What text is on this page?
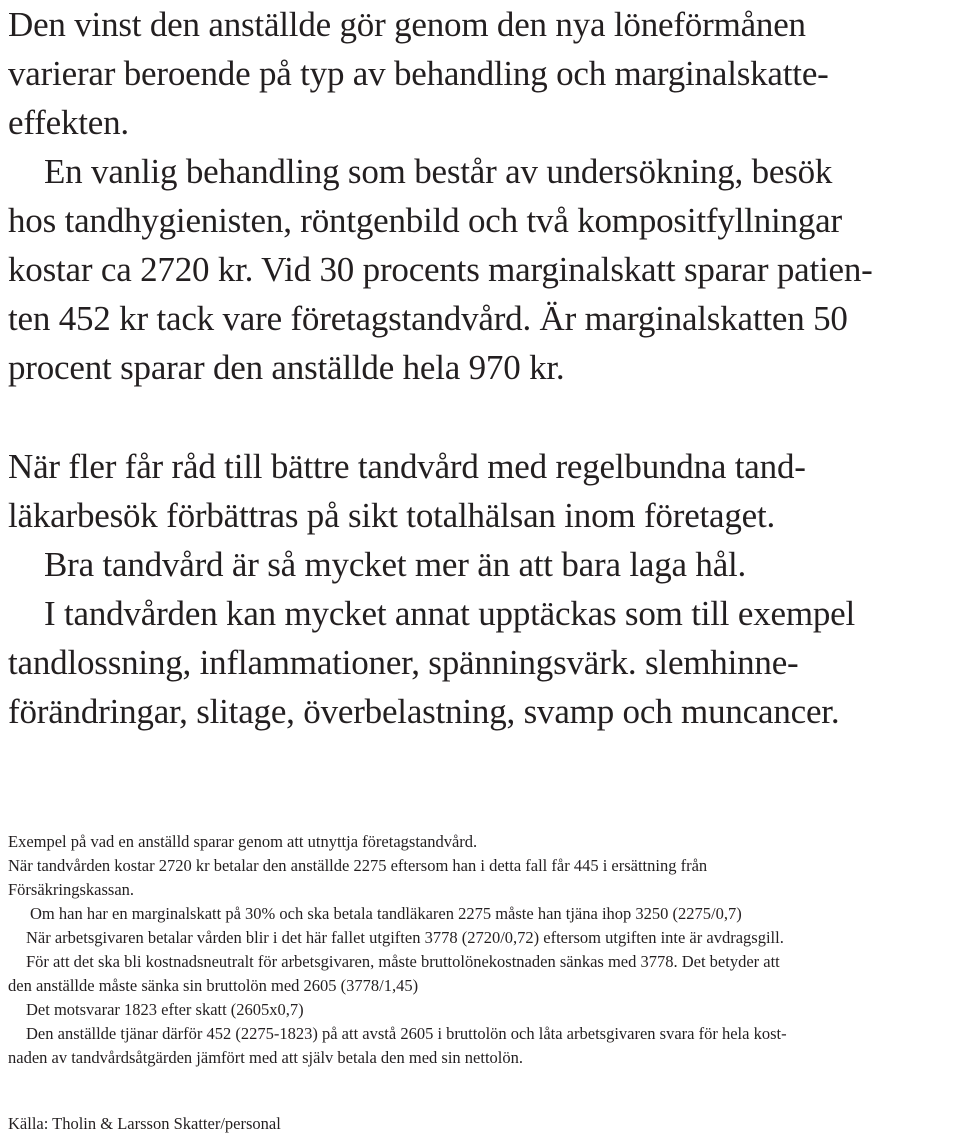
Den vinst den anställde gör genom den nya löneförmånen
varierar beroende på typ av behandling och marginalskatte-
effekten.
En vanlig behandling som består av undersökning, besök
hos tandhygienisten, röntgenbild och två kompositfyllningar
kostar ca 2720 kr. Vid 30 procents marginalskatt sparar patien-
ten 452 kr tack vare företagstandvård. Är marginalskatten 50
procent sparar den anställde hela 970 kr.
När fler får råd till bättre tandvård med regelbundna tand-
läkarbesök förbättras på sikt totalhälsan inom företaget.
Bra tandvård är så mycket mer än att bara laga hål.
I tandvården kan mycket annat upptäckas som till exempel
tandlossning, inflammationer, spänningsvärk. slemhinne-
förändringar, slitage, överbelastning, svamp och muncancer.
Exempel på vad en anställd sparar genom att utnyttja företagstandvård.
När tandvården kostar 2720 kr betalar den anställde 2275 eftersom han i detta fall får 445 i ersättning från
Försäkringskassan.
Om han har en marginalskatt på 30% och ska betala tandläkaren 2275 måste han tjäna ihop 3250 (2275/0,7)
När arbetsgivaren betalar vården blir i det här fallet utgiften 3778 (2720/0,72) eftersom utgiften inte är avdragsgill.
För att det ska bli kostnadsneutralt för arbetsgivaren, måste bruttolönekostnaden sänkas med 3778. Det betyder att
den anställde måste sänka sin bruttolön med 2605 (3778/1,45)
Det motsvarar 1823 efter skatt (2605x0,7)
Den anställde tjänar därför 452 (2275-1823) på att avstå 2605 i bruttolön och låta arbetsgivaren svara för hela kost-
naden av tandvårdsåtgärden jämfört med att själv betala den med sin nettolön.
Källa: Tholin & Larsson Skatter/personal
